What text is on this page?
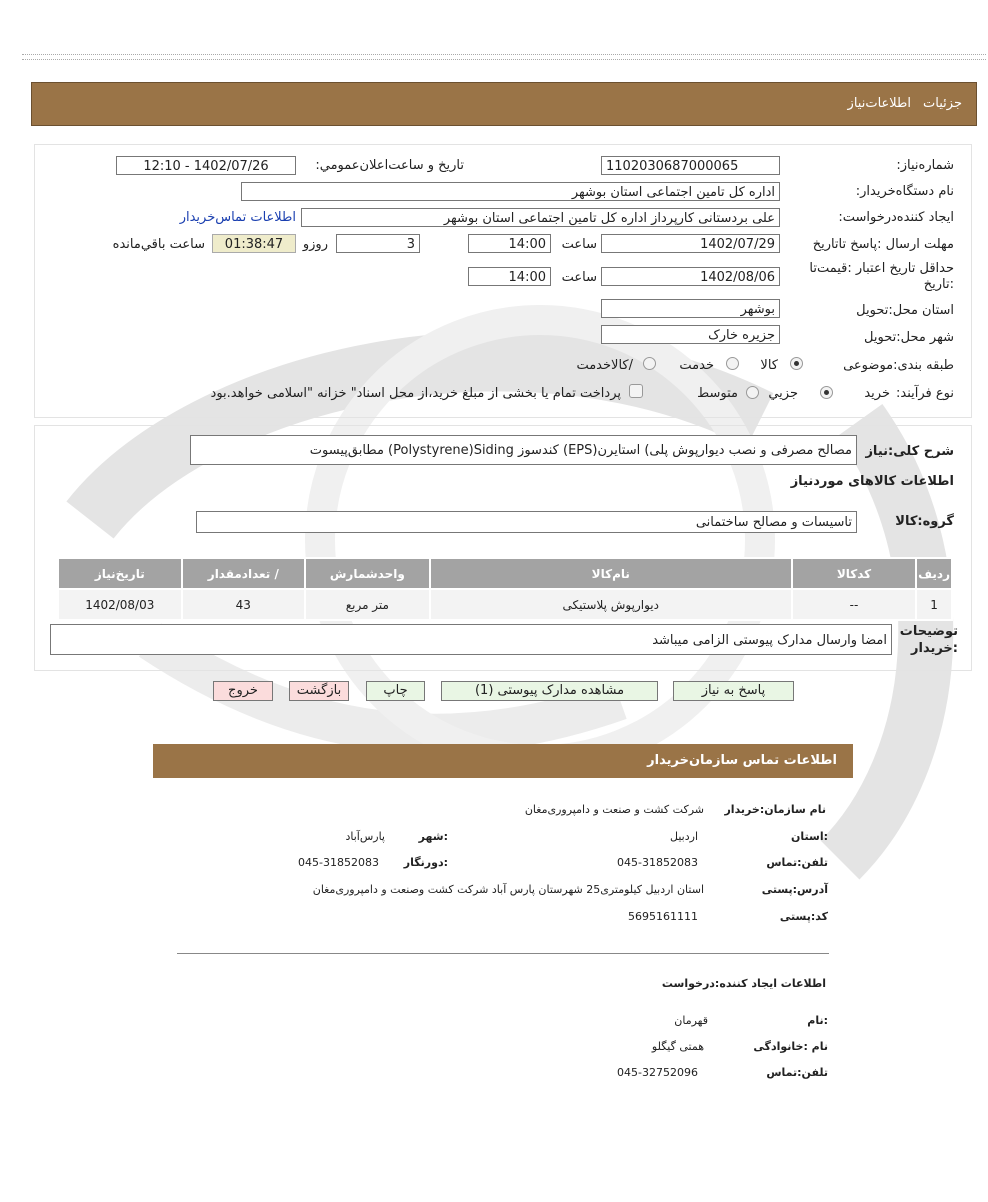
جزئیات
اطلاعات‌نیاز
شماره‌نیاز:
1102030687000065
تاریخ و ساعت‌اعلان‌عمومي:
1402/07/26 - 12:10
نام دستگاه‌خریدار:
اداره کل تامین اجتماعی استان بوشهر
ایجاد کننده‌درخواست:
علی بردستانی کارپرداز اداره کل تامین اجتماعی استان بوشهر
اطلاعات تماس‌خریدار
مهلت ارسال :پاسخ تا‌تاریخ
1402/07/29
ساعت
14:00
3
روزو
01:38:47
ساعت باقي‌مانده
حداقل تاریخ اعتبار :قیمت‌تا
:تاریخ
1402/08/06
ساعت
14:00
استان محل:تحویل
بوشهر
شهر محل:تحویل
جزیره خارک
طبقه بندی:موضوعی
کالا
خدمت
/کالاخدمت
نوع فرآیند:
خرید
جزیي
متوسط
پرداخت تمام یا بخشی از مبلغ خرید،از محل اسناد" خزانه "اسلامی خواهد.بود
شرح کلی:نیاز
مصالح مصرفی و نصب دیوارپوش پلی) استایرن(EPS) کندسوز Polystyrene)Siding) مطابق‌پیسوت
اطلاعات کالاهای موردنیاز
گروه:کالا
تاسیسات و مصالح ساختمانی
ردیف	کدکالا	نام‌کالا	واحدشمارش	/ تعدادمقدار	تاریخ‌نیاز
1	--	دیوارپوش پلاستیکی	متر مربع	43	1402/08/03
توضیحات
:خریدار
امضا وارسال مدارک پیوستی الزامی میباشد
پاسخ به نیاز
مشاهده مدارک پیوستی (1)
چاپ
بازگشت
خروج
اطلاعات تماس سازمان‌خریدار
نام سازمان:خریدار
شرکت کشت و صنعت و دامپروری‌مغان
:استان
اردبیل
:شهر
پارس‌آباد
تلفن:تماس
045-31852083
:دورنگار
045-31852083
آدرس:پستی
استان اردبیل کیلومتری25 شهرستان پارس آباد شرکت کشت وصنعت و دامپروری‌مغان
کد:پستی
5695161111
اطلاعات ایجاد کننده:درخواست
:نام
قهرمان
نام :خانوادگی
همتی گیگلو
تلفن:تماس
045-32752096
